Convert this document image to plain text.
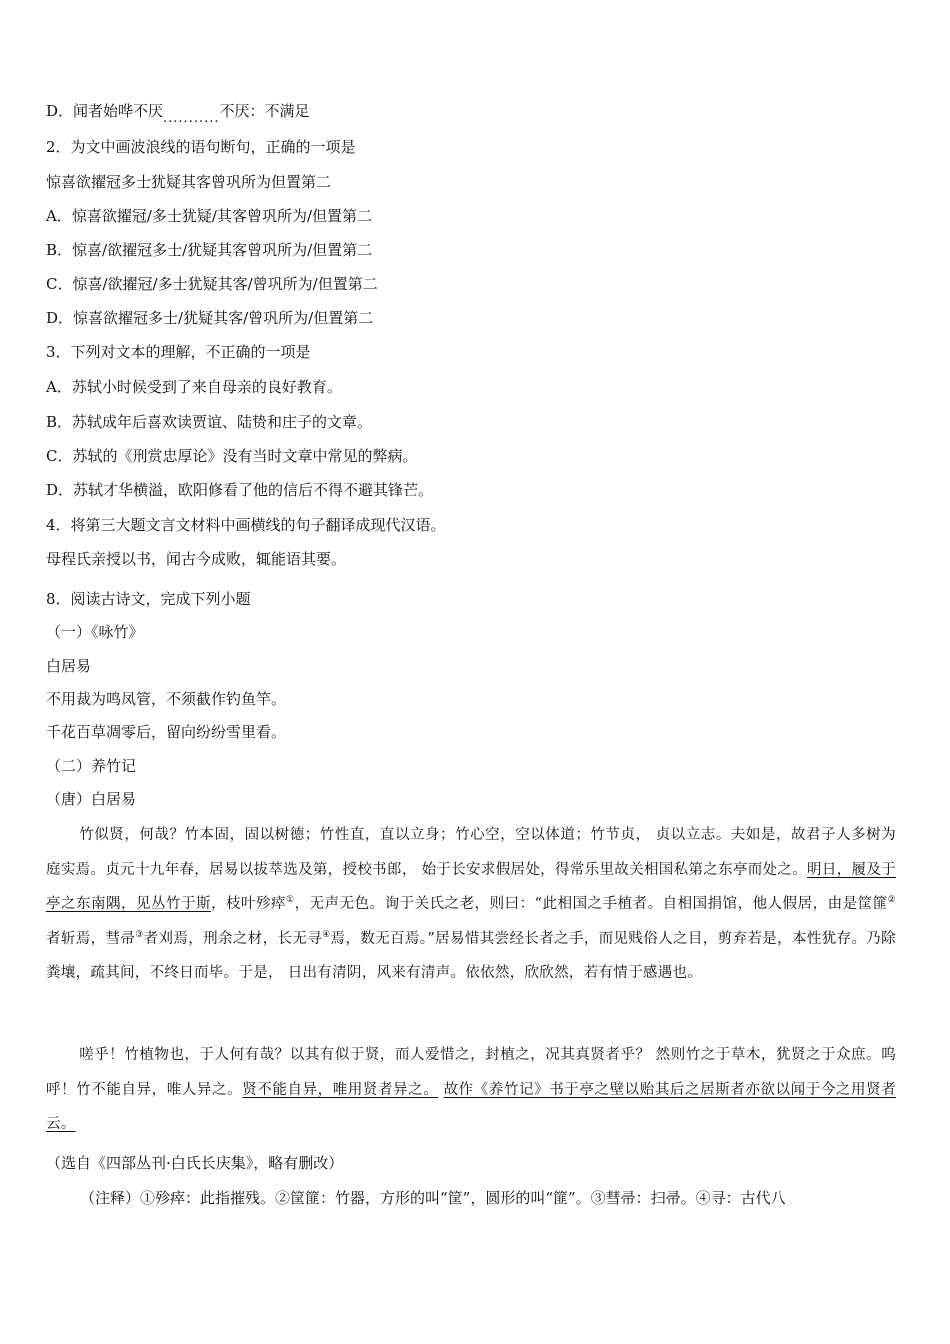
D．闻者始哗不厌...........不厌：不满足
2．为文中画波浪线的语句断句，正确的一项是
惊喜欲擢冠多士犹疑其客曾巩所为但置第二
A．惊喜欲擢冠/多士犹疑/其客曾巩所为/但置第二
B．惊喜/欲擢冠多士/犹疑其客曾巩所为/但置第二
C．惊喜/欲擢冠/多士犹疑其客/曾巩所为/但置第二
D．惊喜欲擢冠多士/犹疑其客/曾巩所为/但置第二
3．下列对文本的理解，不正确的一项是
A．苏轼小时候受到了来自母亲的良好教育。
B．苏轼成年后喜欢读贾谊、陆贽和庄子的文章。
C．苏轼的《刑赏忠厚论》没有当时文章中常见的弊病。
D．苏轼才华横溢，欧阳修看了他的信后不得不避其锋芒。
4．将第三大题文言文材料中画横线的句子翻译成现代汉语。
母程氏亲授以书，闻古今成败，辄能语其要。
8．阅读古诗文，完成下列小题
（一）《咏竹》
白居易
不用裁为鸣凤管，不须截作钓鱼竿。
千花百草凋零后，留向纷纷雪里看。
（二）养竹记
（唐）白居易
竹似贤，何哉？竹本固，固以树德；竹性直，直以立身；竹心空，空以体道；竹节贞， 贞以立志。夫如是，故君子人多树为庭实焉。贞元十九年春，居易以拔萃选及第，授校书郎， 始于长安求假居处，得常乐里故关相国私第之东亭而处之。明日，履及于亭之东南隅，见丛竹于斯，枝叶殄瘁①，无声无色。询于关氏之老，则曰：“此相国之手植者。自相国捐馆，他人假居，由是筐篚②者斩焉，彗帚③者刈焉，刑余之材，长无寻④焉，数无百焉。”居易惜其尝经长者之手，而见贱俗人之目，剪弃若是，本性犹存。乃除粪壤，疏其间，不终日而毕。于是， 日出有清阴，风来有清声。依依然，欣欣然，若有情于感遇也。
嗟乎！竹植物也，于人何有哉？以其有似于贤，而人爱惜之，封植之，况其真贤者乎？ 然则竹之于草木，犹贤之于众庶。呜呼！竹不能自异，唯人异之。贤不能自异，唯用贤者异之。 故作《养竹记》书于亭之壁以贻其后之居斯者亦欲以闻于今之用贤者云。
（选自《四部丛刊·白氏长庆集》，略有删改）
（注释）①殄瘁：此指摧残。②筐篚：竹器，方形的叫“筐”，圆形的叫“篚”。③彗帚：扫帚。④寻：古代八
